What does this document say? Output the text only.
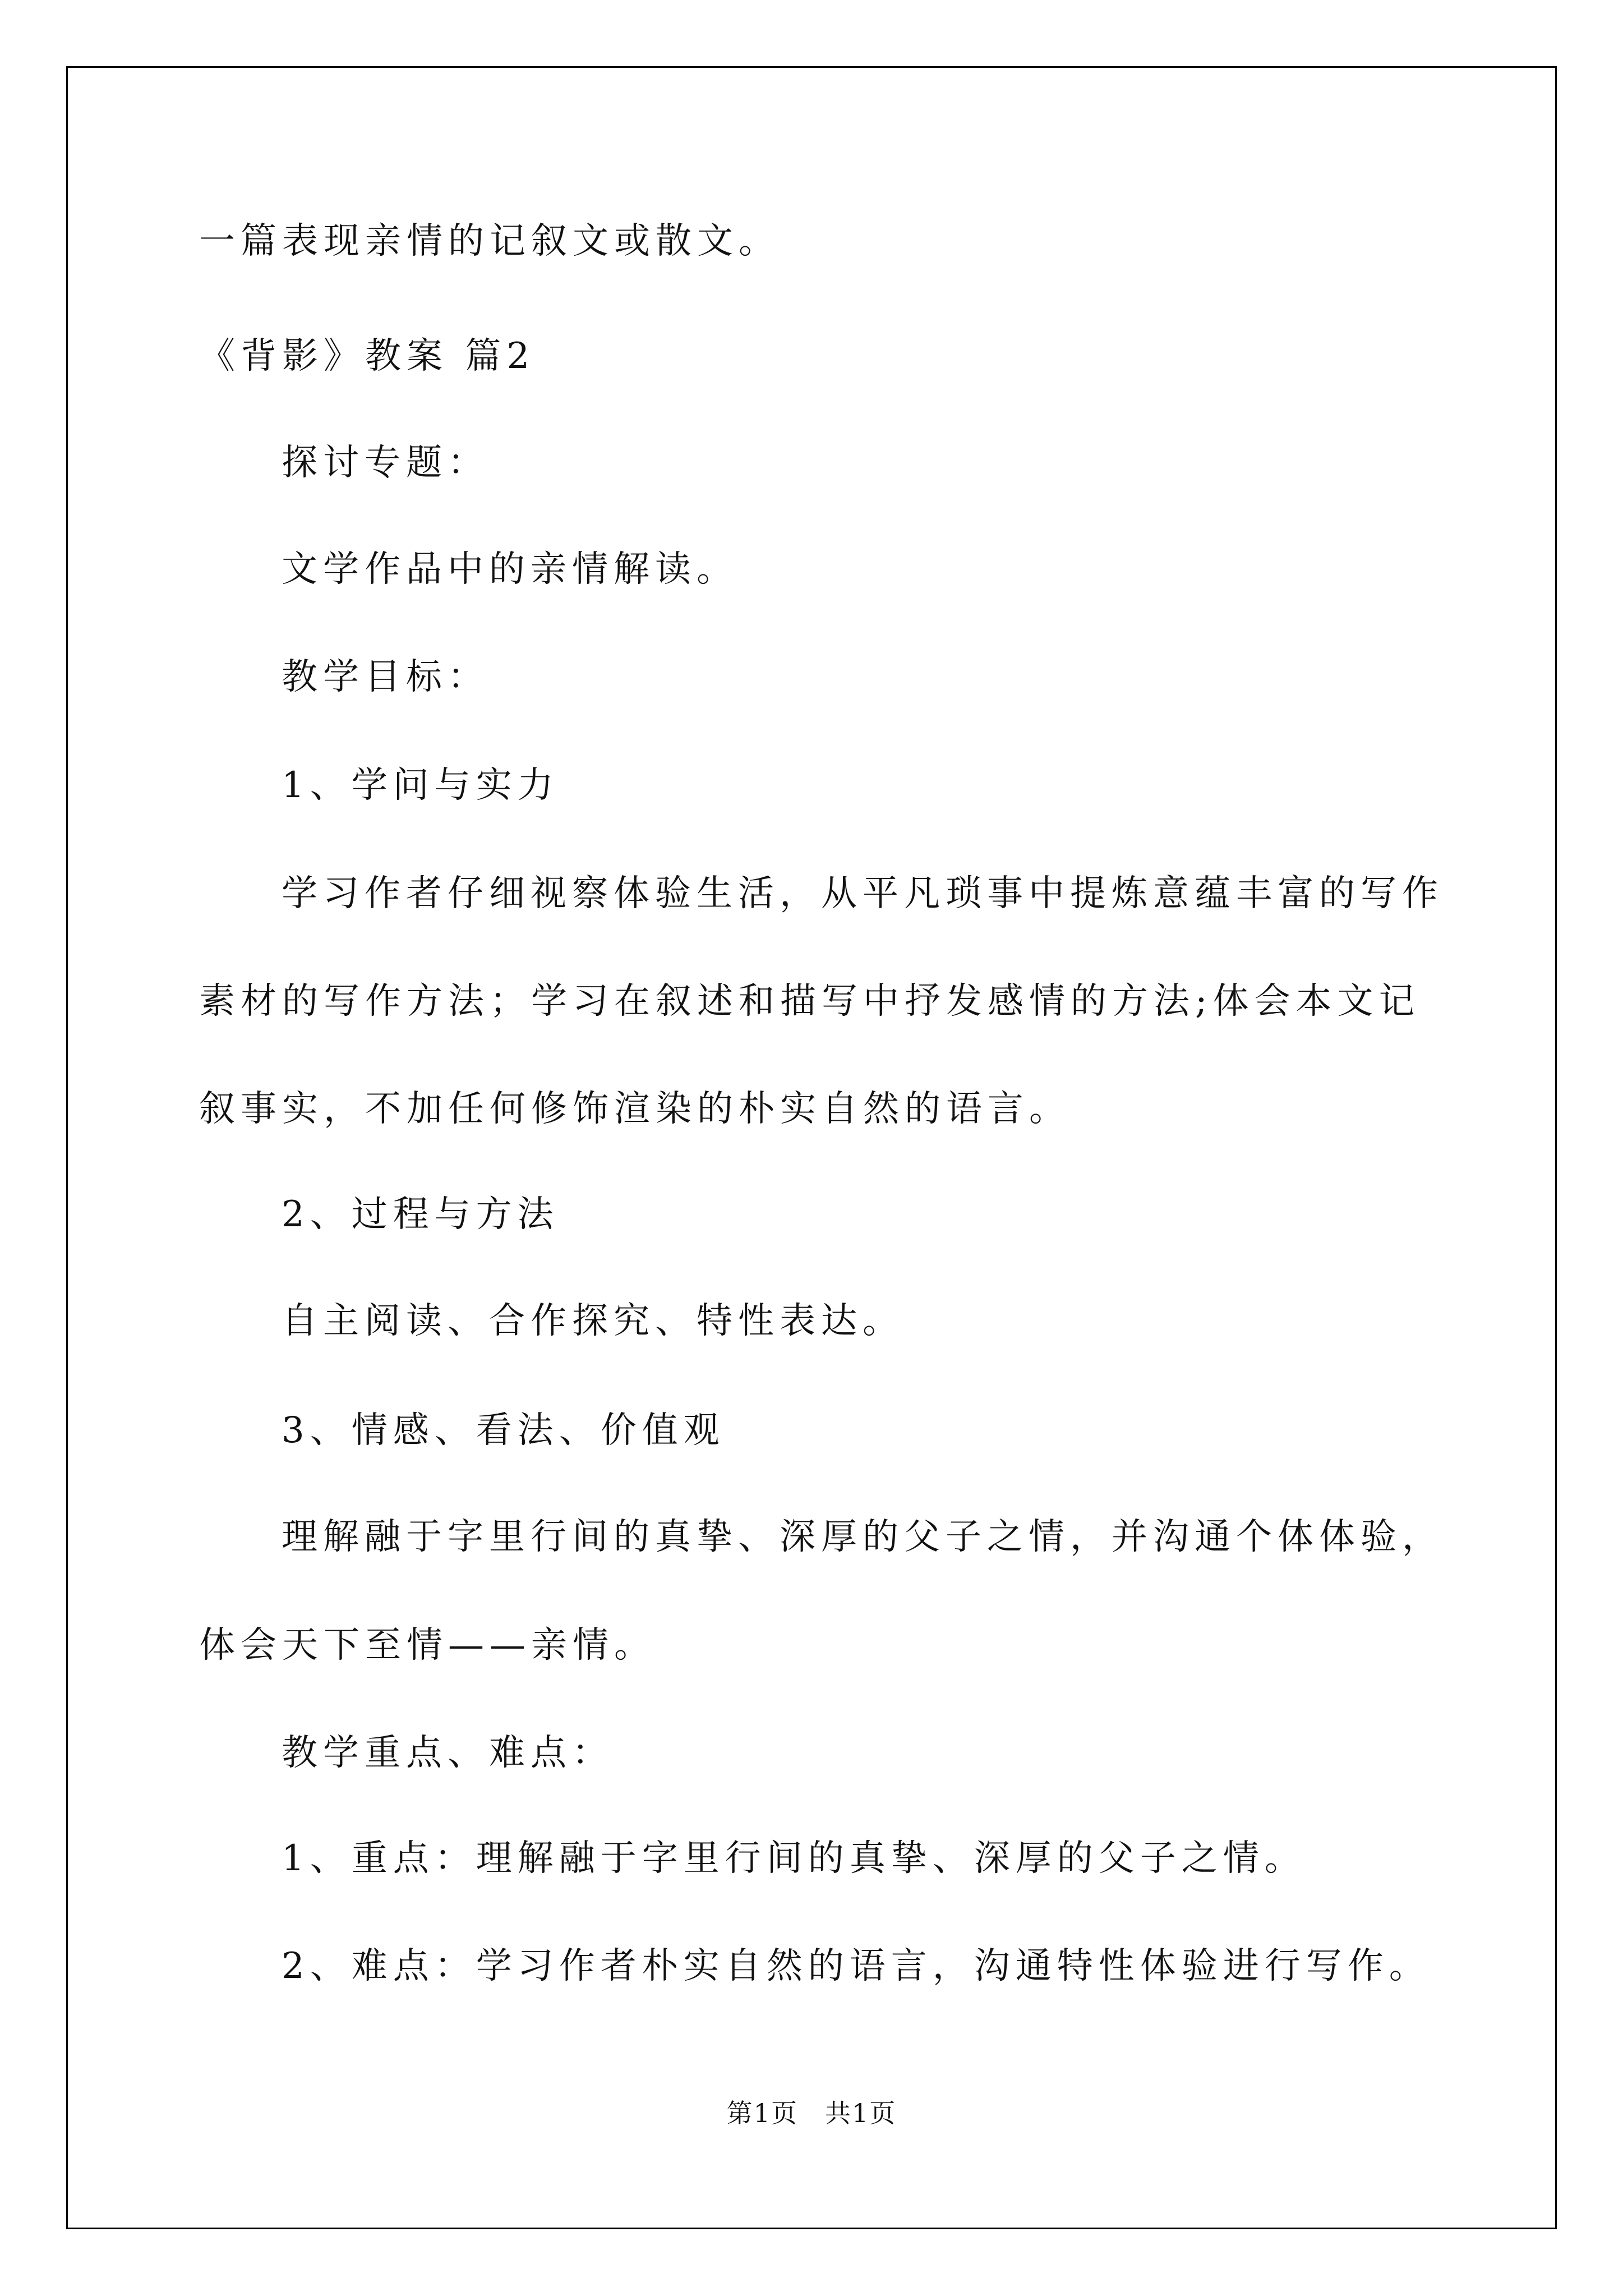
一篇表现亲情的记叙文或散文。
《背影》教案 篇2
探讨专题：
文学作品中的亲情解读。
教学目标：
1、学问与实力
学习作者仔细视察体验生活，从平凡琐事中提炼意蕴丰富的写作
素材的写作方法；学习在叙述和描写中抒发感情的方法;体会本文记
叙事实，不加任何修饰渲染的朴实自然的语言。
2、过程与方法
自主阅读、合作探究、特性表达。
3、情感、看法、价值观
理解融于字里行间的真挚、深厚的父子之情，并沟通个体体验，
体会天下至情——亲情。
教学重点、难点：
1、重点：理解融于字里行间的真挚、深厚的父子之情。
2、难点：学习作者朴实自然的语言，沟通特性体验进行写作。
第1页　共1页
